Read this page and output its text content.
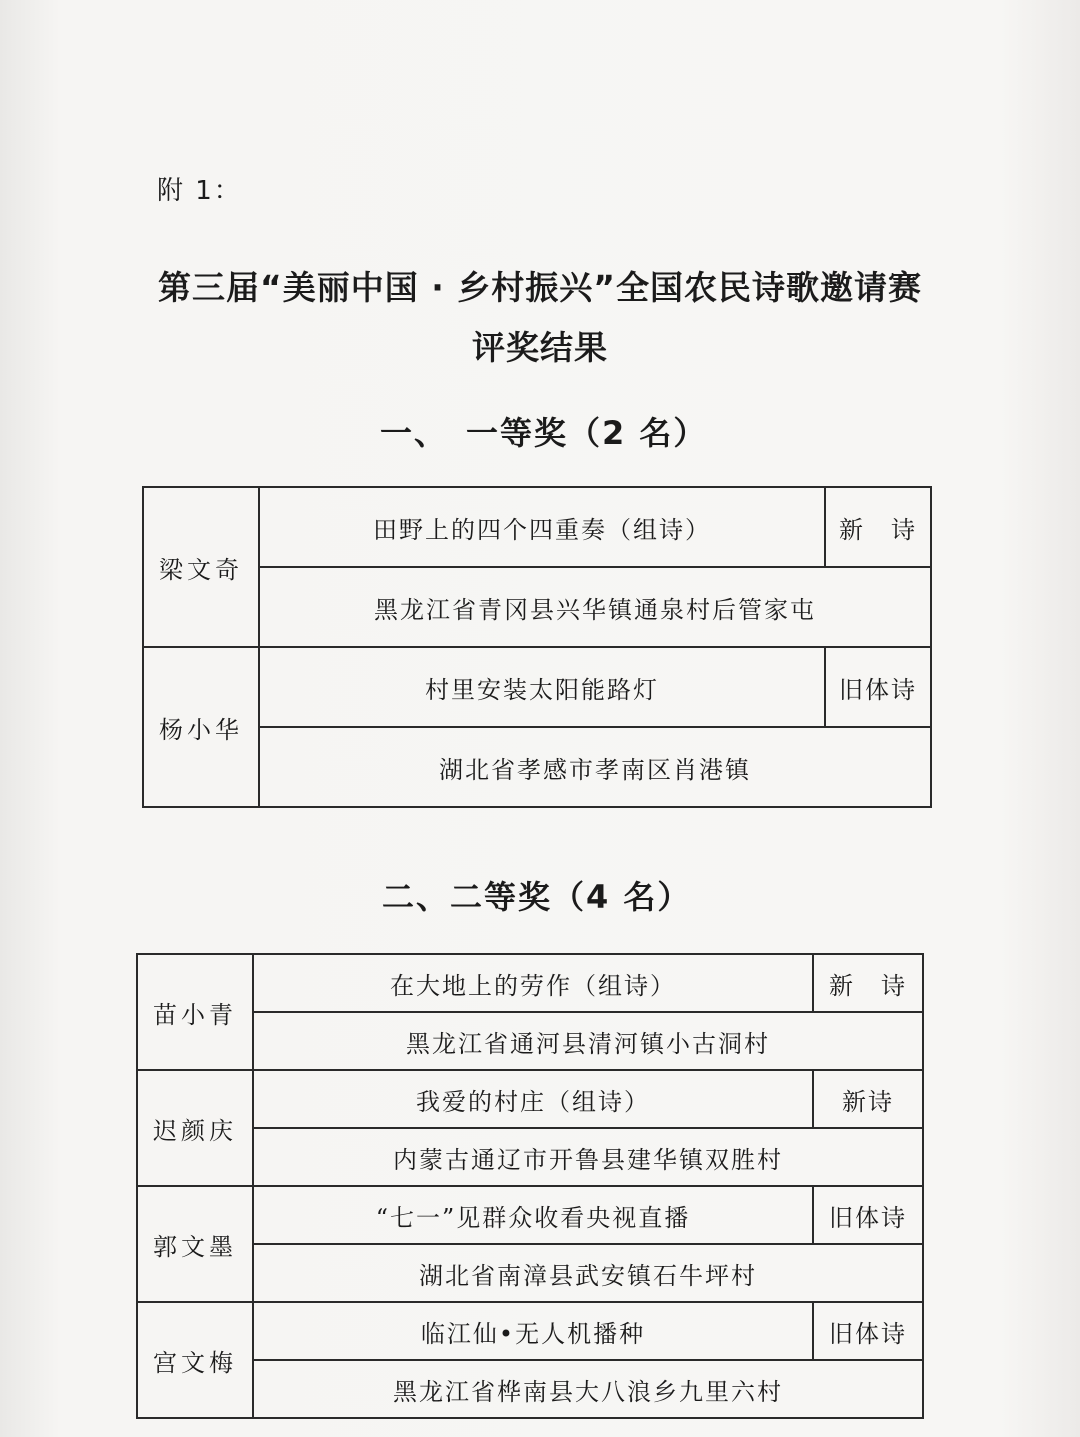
附 1：
第三届“美丽中国 · 乡村振兴”全国农民诗歌邀请赛
评奖结果
一、　一等奖（2 名）
梁文奇	田野上的四个四重奏（组诗）	新　诗
	黑龙江省青冈县兴华镇通泉村后管家屯	
杨小华	村里安装太阳能路灯	旧体诗
	湖北省孝感市孝南区肖港镇	
二、二等奖（4 名）
苗小青	在大地上的劳作（组诗）	新　诗
	黑龙江省通河县清河镇小古洞村	
迟颜庆	我爱的村庄（组诗）	新诗
	内蒙古通辽市开鲁县建华镇双胜村	
郭文墨	“七一”见群众收看央视直播	旧体诗
	湖北省南漳县武安镇石牛坪村	
宫文梅	临江仙•无人机播种	旧体诗
	黑龙江省桦南县大八浪乡九里六村	
